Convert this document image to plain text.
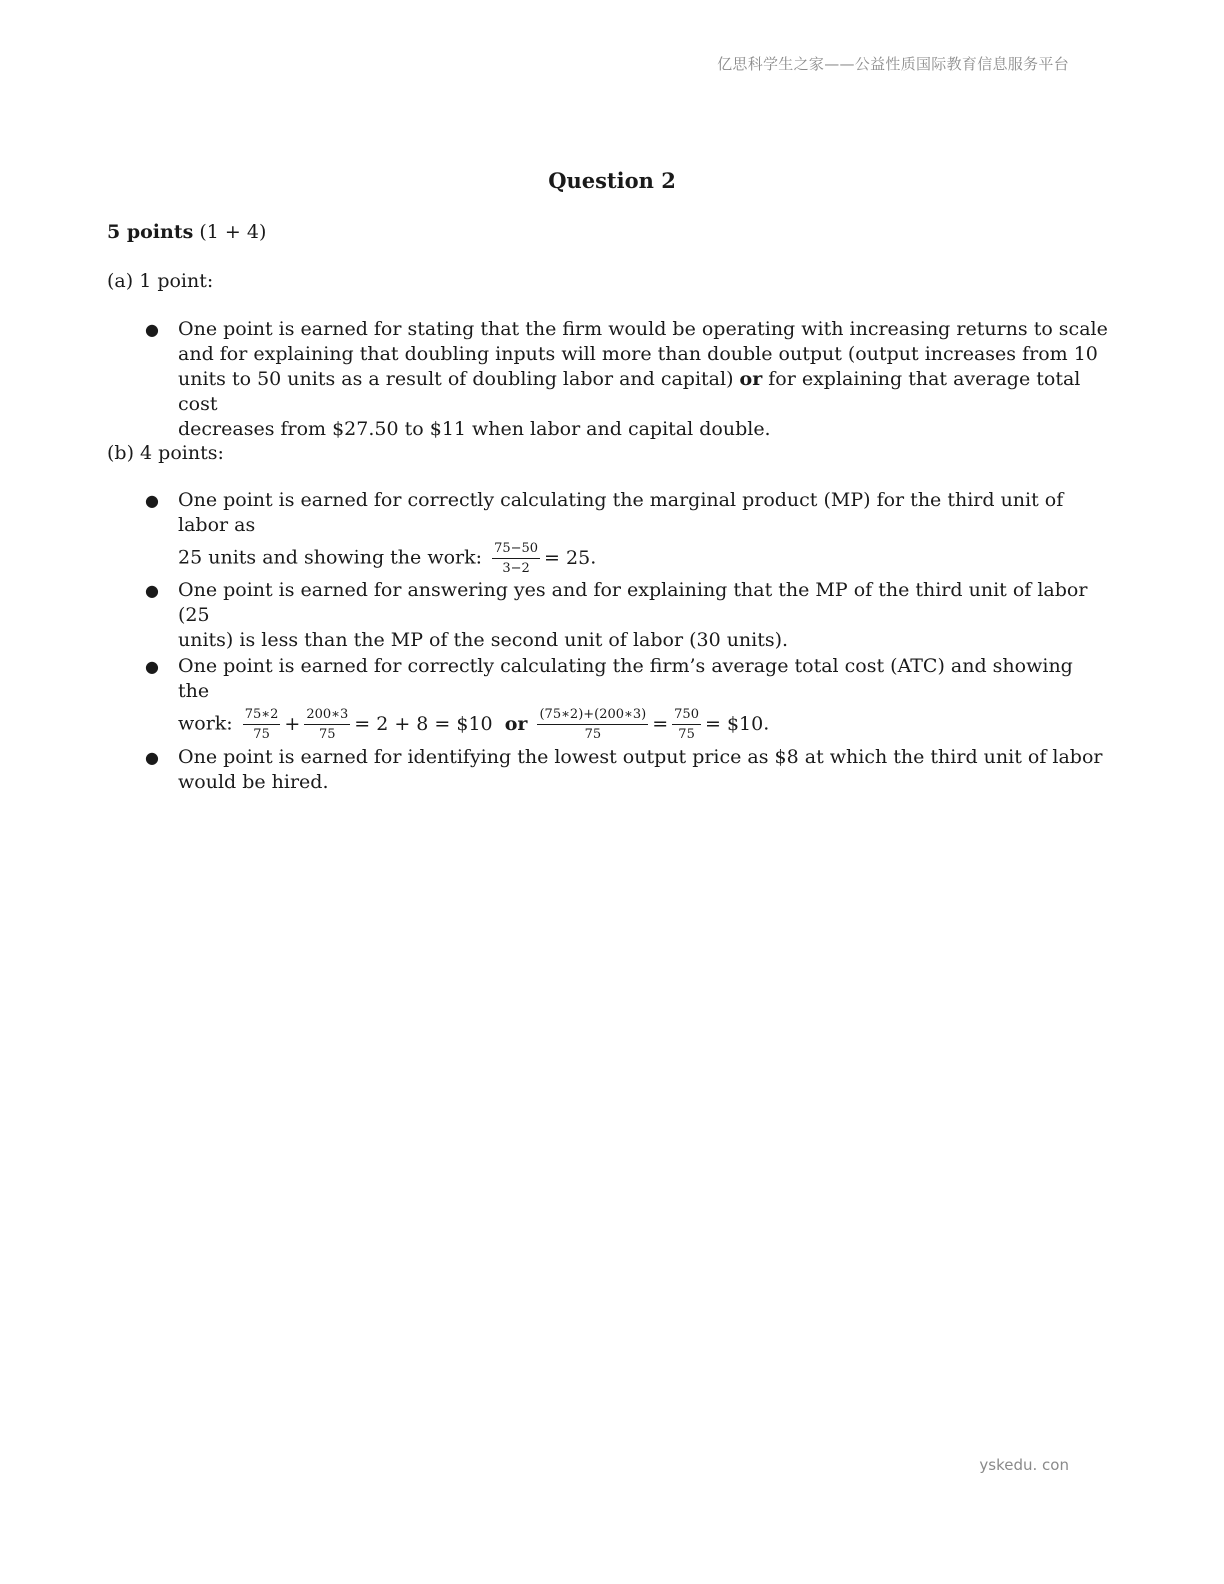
亿思科学生之家——公益性质国际教育信息服务平台
Question 2
5 points (1 + 4)
(a) 1 point:
● One point is earned for stating that the firm would be operating with increasing returns to scale
and for explaining that doubling inputs will more than double output (output increases from 10
units to 50 units as a result of doubling labor and capital) or for explaining that average total cost
decreases from $27.50 to $11 when labor and capital double.
(b) 4 points:
● One point is earned for correctly calculating the marginal product (MP) for the third unit of labor as
25 units and showing the work: $\frac{75-50}{3-2} = 25$.
● One point is earned for answering yes and for explaining that the MP of the third unit of labor (25
units) is less than the MP of the second unit of labor (30 units).
● One point is earned for correctly calculating the firm’s average total cost (ATC) and showing the
work: $\frac{75∗2}{75} + \frac{200∗3}{75} = 2 + 8$ = $10 or $\frac{(75∗2)+(200∗3)}{75} = \frac{750}{75}$ = $10.
● One point is earned for identifying the lowest output price as $8 at which the third unit of labor
would be hired.
yskedu. con
